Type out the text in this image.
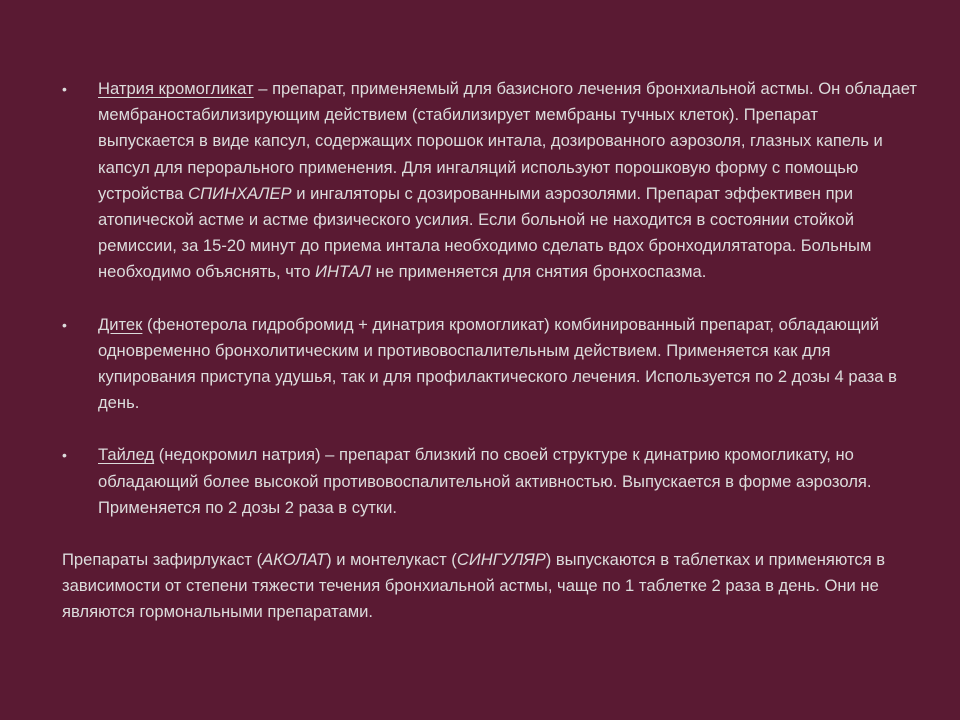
•	Натрия кромогликат – препарат, применяемый для базисного лечения бронхиальной астмы. Он обладает мембраностабилизирующим действием (стабилизирует мембраны тучных клеток). Препарат выпускается в виде капсул, содержащих порошок интала, дозированного аэрозоля, глазных капель и капсул для перорального применения. Для ингаляций используют порошковую форму с помощью устройства СПИНХАЛЕР и ингаляторы с дозированными аэрозолями. Препарат эффективен при атопической астме и астме физического усилия. Если больной не находится в состоянии стойкой ремиссии, за 15-20 минут до приема интала необходимо сделать вдох бронходилятатора. Больным необходимо объяснять, что ИНТАЛ не применяется для снятия бронхоспазма.
•	Дитек (фенотерола гидробромид + динатрия кромогликат) комбинированный препарат, обладающий одновременно бронхолитическим и противовоспалительным действием. Применяется как для купирования приступа удушья, так и для профилактического лечения. Используется по 2 дозы 4 раза в день.
•	Тайлед (недокромил натрия) – препарат близкий по своей структуре к динатрию кромогликату, но обладающий более высокой противовоспалительной активностью. Выпускается в форме аэрозоля. Применяется по 2 дозы 2 раза в сутки.

Препараты зафирлукаст (АКОЛАТ) и монтелукаст (СИНГУЛЯР) выпускаются в таблетках и применяются в зависимости от степени тяжести течения бронхиальной астмы, чаще по 1 таблетке 2 раза в день. Они не являются гормональными препаратами.
